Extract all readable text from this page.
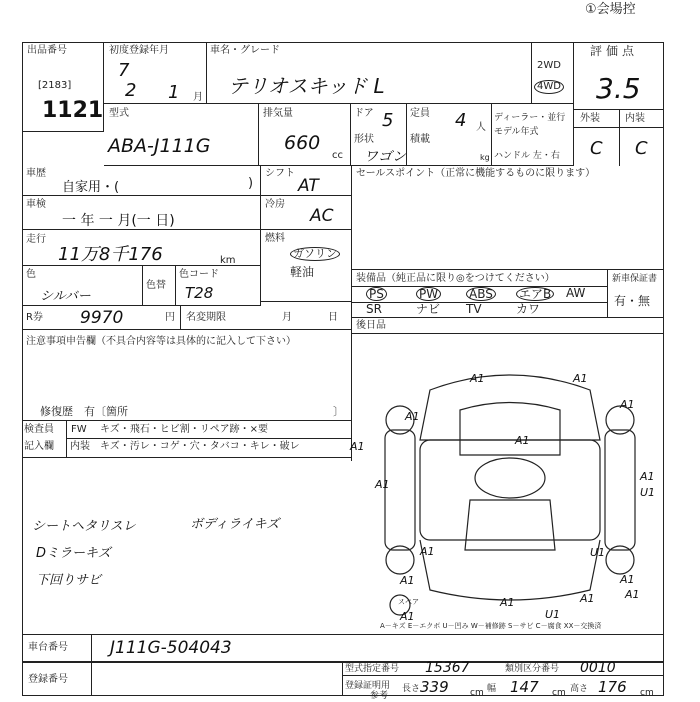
①会場控
出品番号
[2183]
1121
初度登録年月
7
2 1 月
車名・グレード
テリオスキッド L
2WD
4WD
評価点
3.5
型式
ABA-J111G
排気量
660
cc
ドア 5
形状
ワゴン
定員 4 人
積載
kg
ディーラー・並行
モデル年式
ハンドル 左・右
外装	内装
C C
車歴
自家用・(	)
シフト
AT
車検
一 年 一 月(一 日)
冷房
AC
走行
11万8千176	km
燃料
ガソリン
軽油
色
シルバー
色替
色コード
T28
R券 9970	円 名変期限	月	日
注意事項申告欄（不具合内容等は具体的に記入して下さい）
修復歴　有〔箇所	〕
検査員
記入欄
FW キズ・飛石・ヒビ割・リペア跡・×要
内装 キズ・汚レ・コゲ・穴・タバコ・キレ・破レ
シートヘタリスレ	ボディライキズ
Dミラーキズ
下回りサビ
セールスポイント（正常に機能するものに限ります）
装備品（純正品に限り◎をつけてください）	新車保証書
有・無
PS	PW	ABS エアB AW
SR	ナビ TV	カワ
後日品
A1	A1
A1
A1
A1
A1
A1
U1
U1
A1
A1
A1	A1
U1
A1
A1
A1
A1
スペア
A－キズ E－エクボ U－凹み W－補修跡 S－サビ C－腐食 XX－交換済
車台番号 J111G-504043
登録番号
型式指定番号 15367	類別区分番号 0010
登録証明用
参考
長さ 339 cm 幅 147 cm 高さ 176 cm
